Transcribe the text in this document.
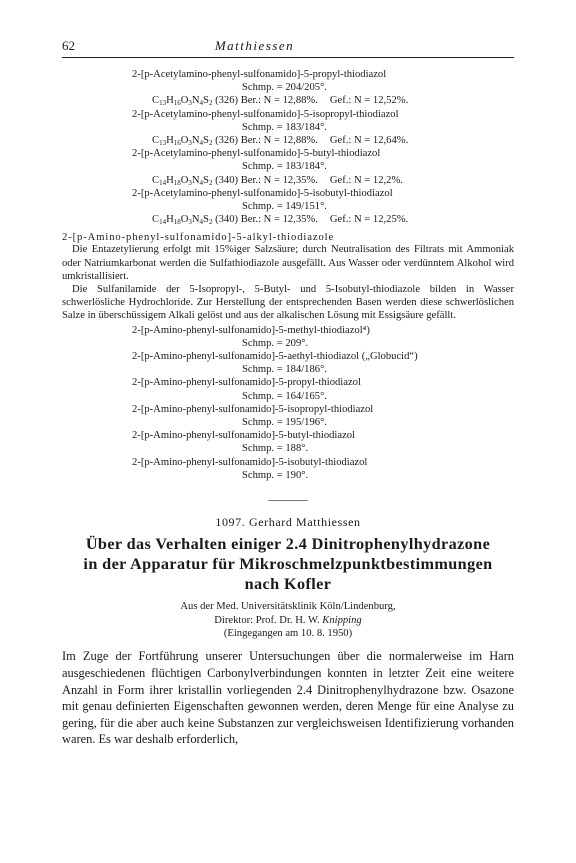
62	Matthiessen
2-[p-Acetylamino-phenyl-sulfonamido]-5-propyl-thiodiazol
Schmp. = 204/205°.
$C_{13}H_{16}O_3N_4S_2$ (326) Ber.: N = 12,88%. Gef.: N = 12,52%.
2-[p-Acetylamino-phenyl-sulfonamido]-5-isopropyl-thiodiazol
Schmp. = 183/184°.
$C_{13}H_{16}O_3N_4S_2$ (326) Ber.: N = 12,88%. Gef.: N = 12,64%.
2-[p-Acetylamino-phenyl-sulfonamido]-5-butyl-thiodiazol
Schmp. = 183/184°.
$C_{14}H_{18}O_3N_4S_2$ (340) Ber.: N = 12,35%. Gef.: N = 12,2%.
2-[p-Acetylamino-phenyl-sulfonamido]-5-isobutyl-thiodiazol
Schmp. = 149/151°.
$C_{14}H_{18}O_3N_4S_2$ (340) Ber.: N = 12,35%. Gef.: N = 12,25%.
2-[p-Amino-phenyl-sulfonamido]-5-alkyl-thiodiazole

Die Entazetylierung erfolgt mit 15%iger Salzsäure; durch Neutralisation des Filtrats mit Ammoniak oder Natriumkarbonat werden die Sulfathiodiazole ausgefällt. Aus Wasser oder verdünntem Alkohol wird umkristallisiert.

Die Sulfanilamide der 5-Isopropyl-, 5-Butyl- und 5-Isobutyl-thiodiazole bilden in Wasser schwerlösliche Hydrochloride. Zur Herstellung der entsprechenden Basen werden diese schwerlöslichen Salze in überschüssigem Alkali gelöst und aus der alkalischen Lösung mit Essigsäure gefällt.

2-[p-Amino-phenyl-sulfonamido]-5-methyl-thiodiazol⁴)
Schmp. = 209°.
2-[p-Amino-phenyl-sulfonamido]-5-aethyl-thiodiazol („Globucid“)
Schmp. = 184/186°.
2-[p-Amino-phenyl-sulfonamido]-5-propyl-thiodiazol
Schmp. = 164/165°.
2-[p-Amino-phenyl-sulfonamido]-5-isopropyl-thiodiazol
Schmp. = 195/196°.
2-[p-Amino-phenyl-sulfonamido]-5-butyl-thiodiazol
Schmp. = 188°.
2-[p-Amino-phenyl-sulfonamido]-5-isobutyl-thiodiazol
Schmp. = 190°.
1097. Gerhard Matthiessen
Über das Verhalten einiger 2.4 Dinitrophenylhydrazone
in der Apparatur für Mikroschmelzpunktbestimmungen
nach Kofler
Aus der Med. Universitätsklinik Köln/Lindenburg,
Direktor: Prof. Dr. H. W. Knipping
(Eingegangen am 10. 8. 1950)
Im Zuge der Fortführung unserer Untersuchungen über die normalerweise im Harn ausgeschiedenen flüchtigen Carbonylverbindungen konnten in letzter Zeit eine weitere Anzahl in Form ihrer kristallin vorliegenden 2.4 Dinitrophenylhydrazone bzw. Osazone mit genau definierten Eigenschaften gewonnen werden, deren Menge für eine Analyse zu gering, für die aber auch keine Substanzen zur vergleichsweisen Identifizierung vorhanden waren. Es war deshalb erforderlich,
